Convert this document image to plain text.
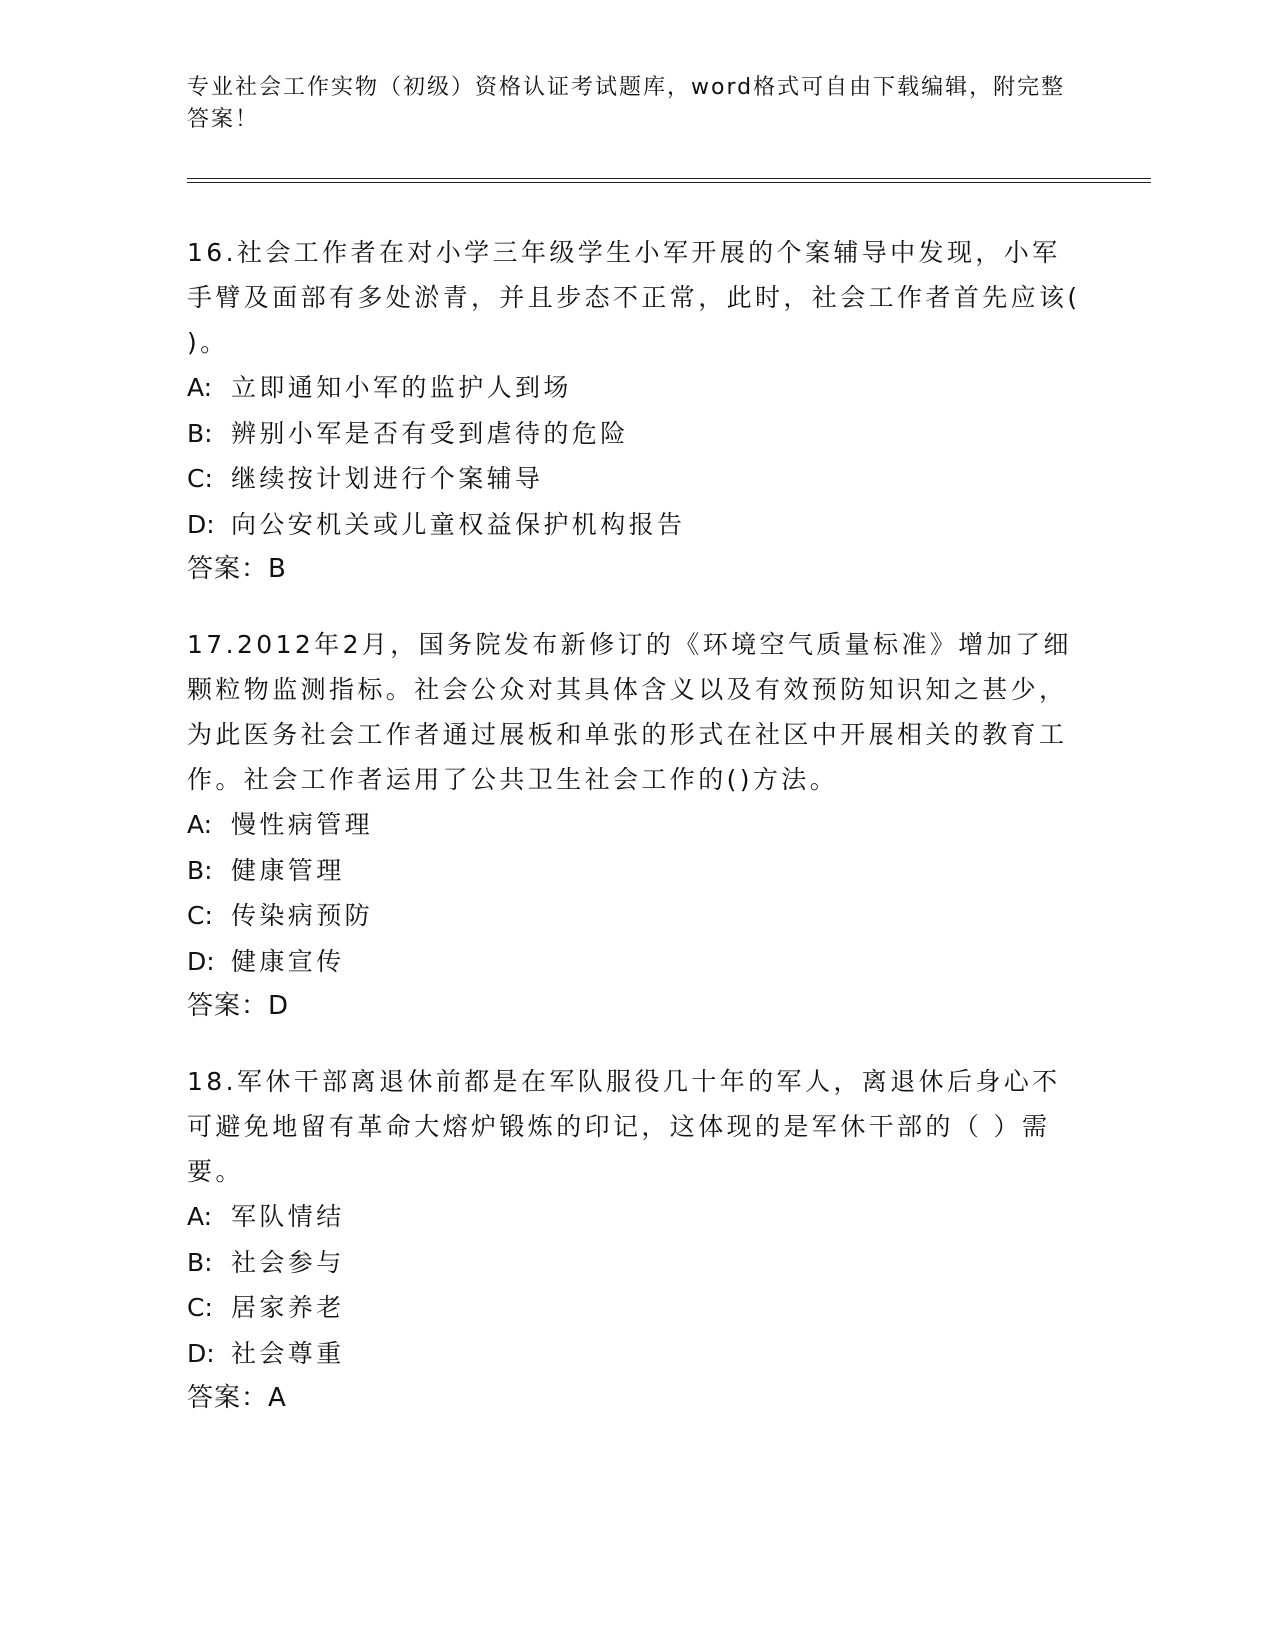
专业社会工作实物（初级）资格认证考试题库，word格式可自由下载编辑，附完整答案！

16.社会工作者在对小学三年级学生小军开展的个案辅导中发现，小军手臂及面部有多处淤青，并且步态不正常，此时，社会工作者首先应该( )。

A: 立即通知小军的监护人到场
B: 辨别小军是否有受到虐待的危险
C: 继续按计划进行个案辅导
D: 向公安机关或儿童权益保护机构报告
答案：B

17.2012年2月，国务院发布新修订的《环境空气质量标准》增加了细颗粒物监测指标。社会公众对其具体含义以及有效预防知识知之甚少，为此医务社会工作者通过展板和单张的形式在社区中开展相关的教育工作。社会工作者运用了公共卫生社会工作的()方法。

A: 慢性病管理
B: 健康管理
C: 传染病预防
D: 健康宣传
答案：D

18.军休干部离退休前都是在军队服役几十年的军人，离退休后身心不可避免地留有革命大熔炉锻炼的印记，这体现的是军休干部的（ ）需要。

A: 军队情结
B: 社会参与
C: 居家养老
D: 社会尊重
答案：A
